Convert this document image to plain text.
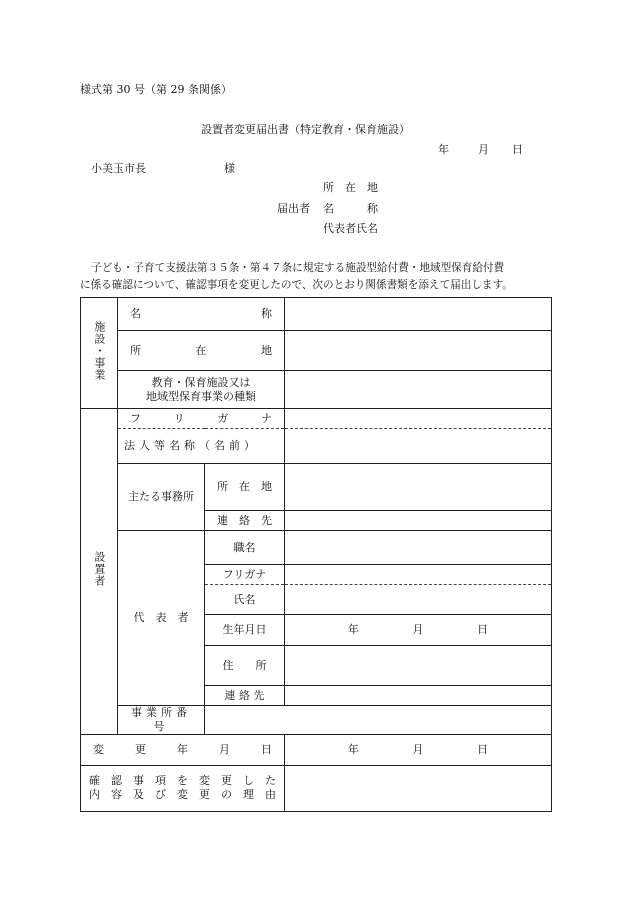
様式第 30 号（第 29 条関係）
設置者変更届出書（特定教育・保育施設）
年	月 日
小美玉市長	様
所　在　地
届出者 名　　　称
代表者氏名
子ども・子育て支援法第３５条・第４７条に規定する施設型給付費・地域型保育給付費
に係る確認について、確認事項を変更したので、次のとおり関係書類を添えて届出します。
施設・事業	名 称		

	所 在 地		

	教育・保育施設又は
地域型保育事業の種類		

設置者	フ リ ガ ナ		

	法人等名称（名前）		
	主たる事務所	所　在　地	
		連　絡　先	
	代　表　者	職名	
		フリガナ	
		氏名	
		生年月日	年 月 日

		住　　所	
		連 絡 先	
	事業所番号		

変 更 年 月 日			年 月 日

確認事項を変更した
内容及び変更の理由			
